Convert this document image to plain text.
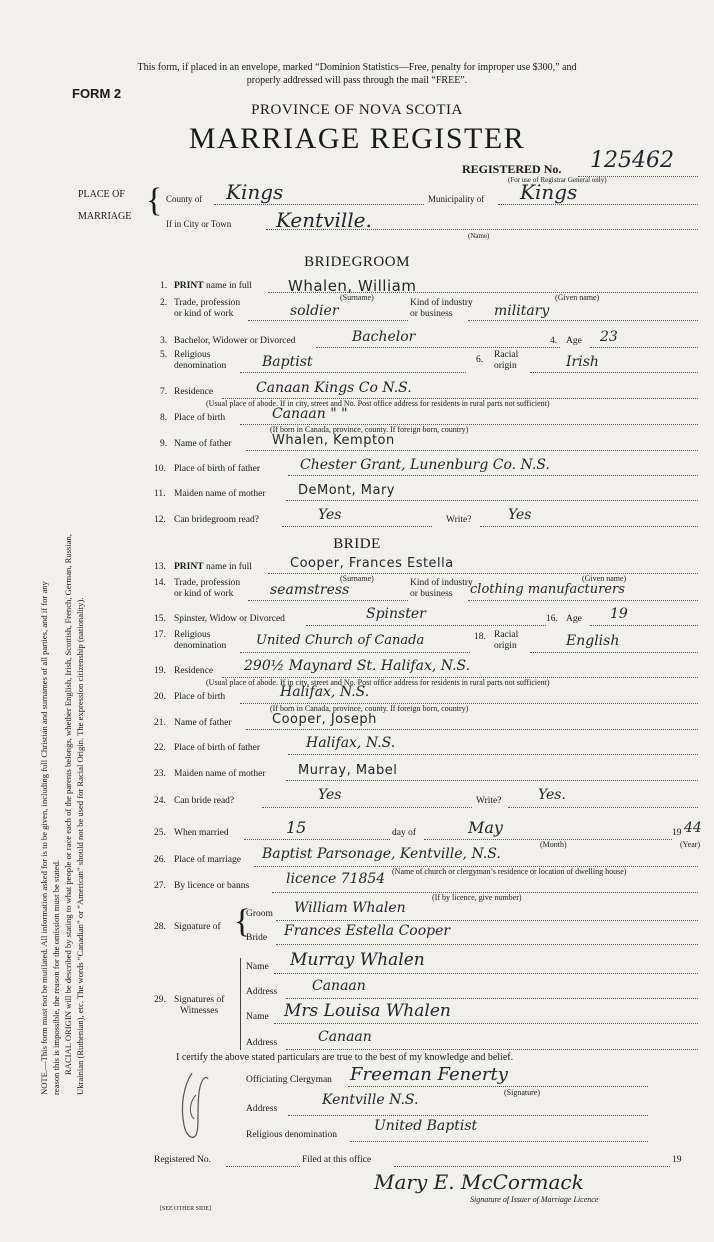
This form, if placed in an envelope, marked “Dominion Statistics—Free, penalty for improper use $300,” and
properly addressed will pass through the mail “FREE”.
FORM 2
PROVINCE OF NOVA SCOTIA
MARRIAGE REGISTER
REGISTERED No. 125462
(For use of Registrar General only)
PLACE OF
MARRIAGE { County of Kings	Municipality of Kings
If in City or Town Kentville.
(Name)
BRIDEGROOM
1. PRINT name in full Whalen, William
(Surname)	(Given name)
2. Trade, profession
or kind of work	soldier	Kind of industry
or business	military
3. Bachelor, Widower or Divorced	Bachelor	4. Age 23
5. Religious
denomination	Baptist	6. Racial
origin	Irish
7. Residence	Canaan Kings Co N.S.
(Usual place of abode. If in city, street and No. Post office address for residents in rural parts not sufficient)
8. Place of birth	Canaan " "
(If born in Canada, province, county. If foreign born, country)
9. Name of father	Whalen, Kempton
10. Place of birth of father	Chester Grant, Lunenburg Co. N.S.
11. Maiden name of mother DeMont, Mary
12. Can bridegroom read?	Yes	Write?	Yes
BRIDE
13. PRINT name in full	Cooper, Frances Estella
(Surname)	(Given name)
14. Trade, profession
or kind of work	seamstress	Kind of industry
or business clothing manufacturers
15. Spinster, Widow or Divorced	Spinster	16. Age 19
17. Religious
denomination United Church of Canada	18. Racial
origin	English
19. Residence 290½ Maynard St. Halifax, N.S.
(Usual place of abode. If in city, street and No. Post office address for residents in rural parts not sufficient)
20. Place of birth	Halifax, N.S.
(If born in Canada, province, county. If foreign born, country)
21. Name of father	Cooper, Joseph
22. Place of birth of father	Halifax, N.S.
23. Maiden name of mother Murray, Mabel
24. Can bride read?	Yes	Write?	Yes.
25. When married	15	day of	May
(Month)
19 44
(Year)
26. Place of marriage Baptist Parsonage, Kentville, N.S.
(Name of church or clergyman’s residence or location of dwelling house)
27. By licence or banns	licence 71854
(If by licence, give number)
28. Signature of {
Groom William Whalen
Bride Frances Estella Cooper
29. Signatures of
Witnesses
Name Murray Whalen
Address Canaan
Name Mrs Louisa Whalen
Address	Canaan
I certify the above stated particulars are true to the best of my knowledge and belief.
Officiating Clergyman Freeman Fenerty
(Signature)
Address
Kentville N.S.
Religious denomination
United Baptist
Registered No.	Filed at this office	19
Mary E. McCormack
Signature of Issuer of Marriage Licence
[SEE OTHER SIDE]
NOTE.—This form must not be mutilated. All information asked for is to be given, including full Christian and surnames of all parties, and if for any reason this is impossible, the reason for the omission must be stated. RACIAL ORIGIN will be described by stating to what people or race each of the parents belongs, whether English, Irish, Scottish, French, German, Russian, Ukrainian (Ruthenian), etc. The words “Canadian” or “American” should not be used for Racial Origin. The expression citizenship (nationality).
